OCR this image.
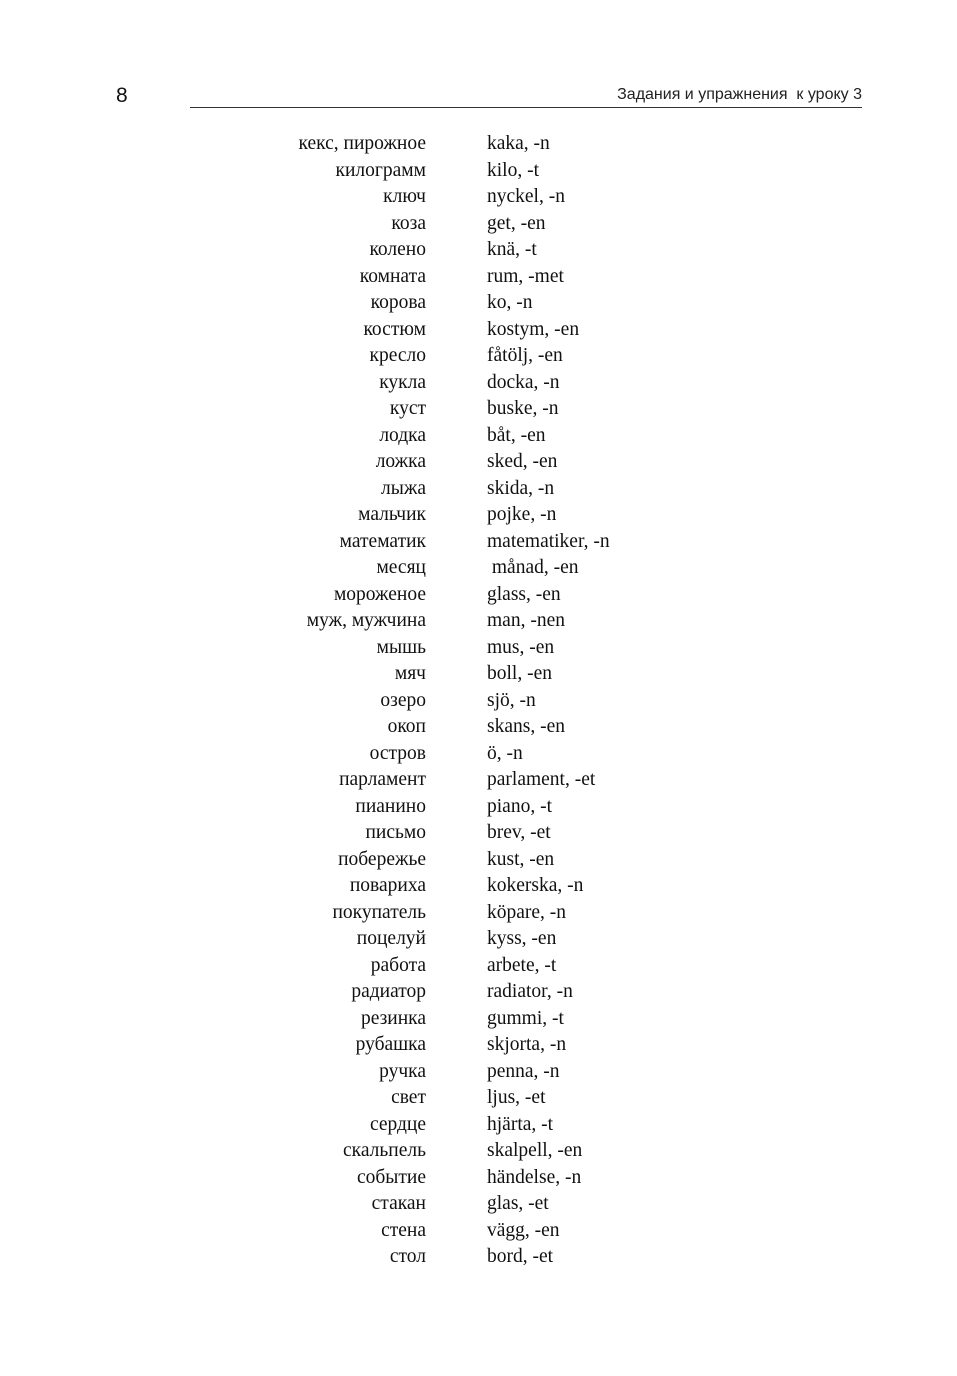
8	Задания и упражнения  к уроку 3
кекс, пирожное	kaka, -n
килограмм	kilo, -t
ключ	nyckel, -n
коза	get, -en
колено	knä, -t
комната	rum, -met
корова	ko, -n
костюм	kostym, -en
кресло	fåtölj, -en
кукла	docka, -n
куст	buske, -n
лодка	båt, -en
ложка	sked, -en
лыжа	skida, -n
мальчик	pojke, -n
математик	matematiker, -n
месяц	månad, -en
мороженое	glass, -en
муж, мужчина	man, -nen
мышь	mus, -en
мяч	boll, -en
озеро	sjö, -n
окоп	skans, -en
остров	ö, -n
парламент	parlament, -et
пианино	piano, -t
письмо	brev, -et
побережье	kust, -en
повариха	kokerska, -n
покупатель	köpare, -n
поцелуй	kyss, -en
работа	arbete, -t
радиатор	radiator, -n
резинка	gummi, -t
рубашка	skjorta, -n
ручка	penna, -n
свет	ljus, -et
сердце	hjärta, -t
скальпель	skalpell, -en
событие	händelse, -n
стакан	glas, -et
стена	vägg, -en
стол	bord, -et
